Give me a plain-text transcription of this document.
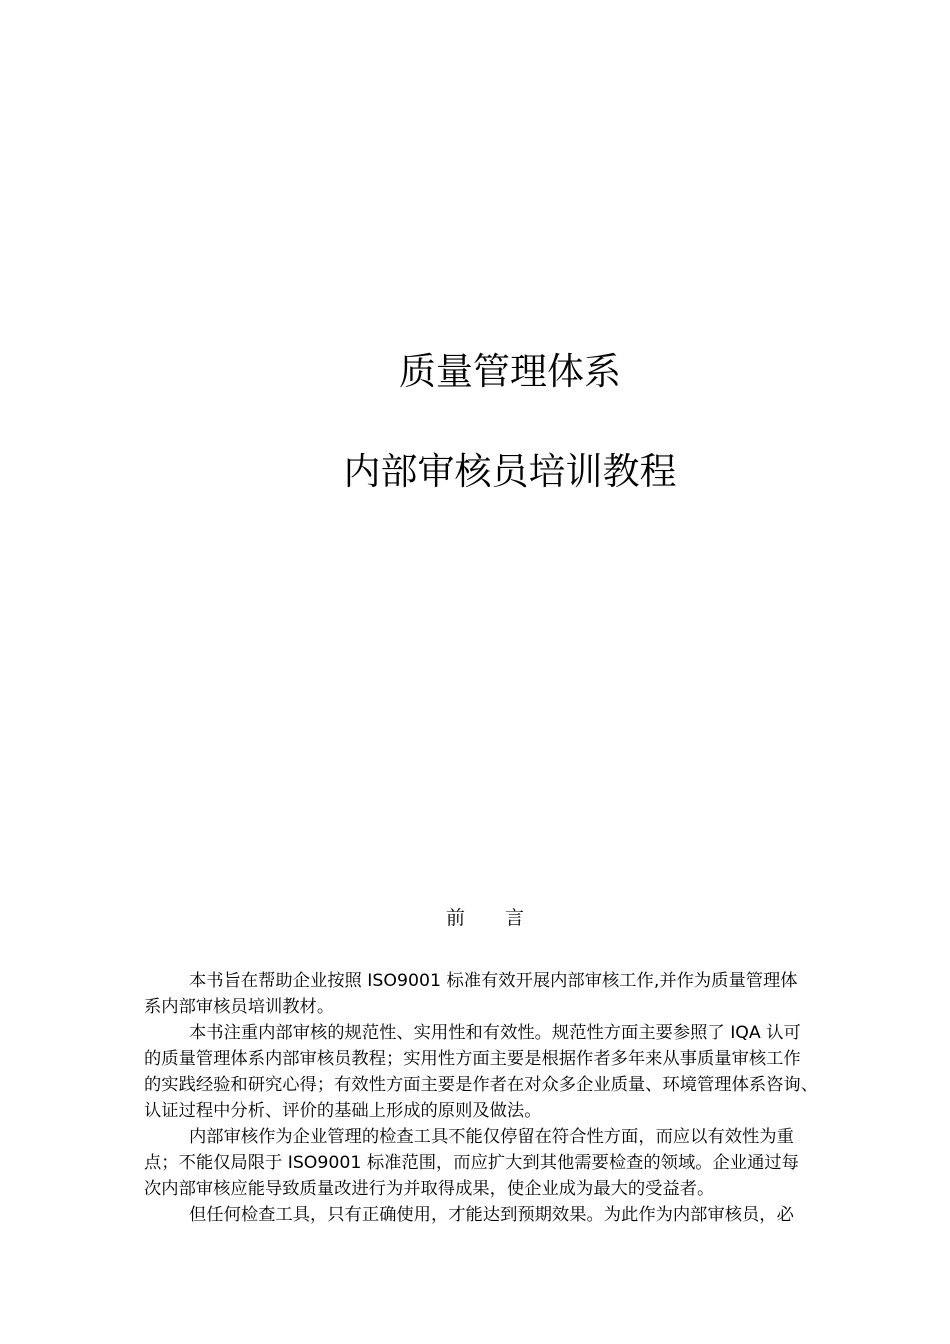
质量管理体系
内部审核员培训教程
前言
本书旨在帮助企业按照 ISO9001 标准有效开展内部审核工作,并作为质量管理体
系内部审核员培训教材。
本书注重内部审核的规范性、实用性和有效性。规范性方面主要参照了 IQA 认可
的质量管理体系内部审核员教程；实用性方面主要是根据作者多年来从事质量审核工作
的实践经验和研究心得；有效性方面主要是作者在对众多企业质量、环境管理体系咨询、
认证过程中分析、评价的基础上形成的原则及做法。
内部审核作为企业管理的检查工具不能仅停留在符合性方面，而应以有效性为重
点；不能仅局限于 ISO9001 标准范围，而应扩大到其他需要检查的领域。企业通过每
次内部审核应能导致质量改进行为并取得成果，使企业成为最大的受益者。
但任何检查工具，只有正确使用，才能达到预期效果。为此作为内部审核员，必
